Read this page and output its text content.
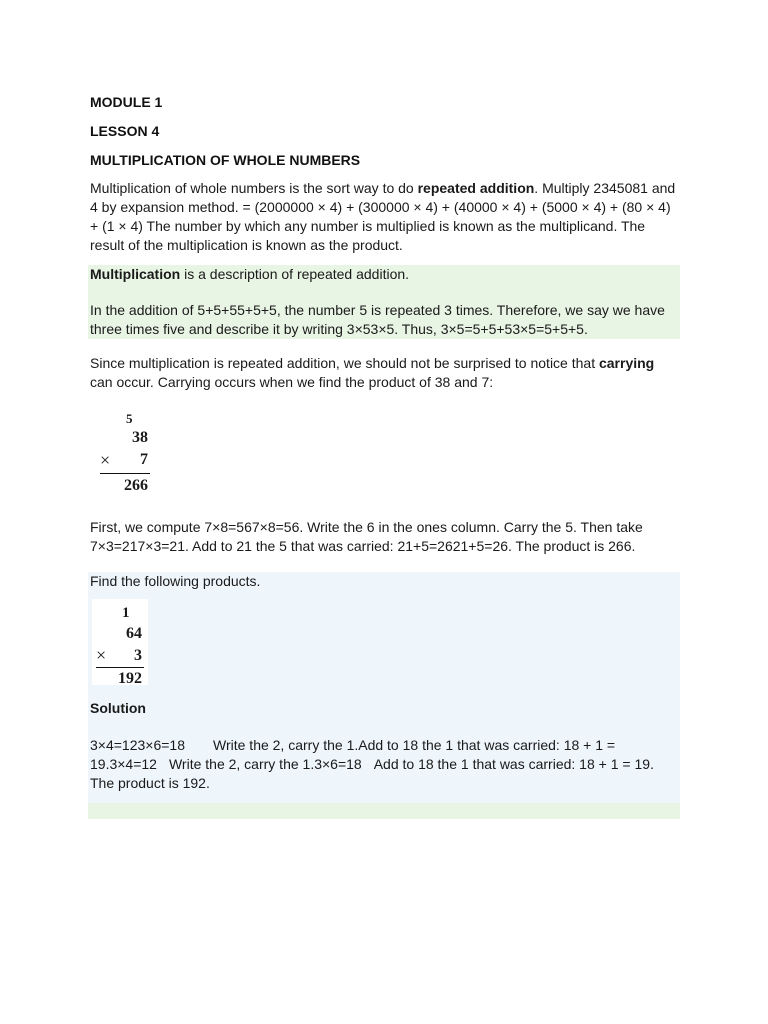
MODULE 1
LESSON 4
MULTIPLICATION OF WHOLE NUMBERS

Multiplication of whole numbers is the sort way to do repeated addition. Multiply 2345081 and 4 by expansion method. = (2000000 × 4) + (300000 × 4) + (40000 × 4) + (5000 × 4) + (80 × 4) + (1 × 4) The number by which any number is multiplied is known as the multiplicand. The result of the multiplication is known as the product.

Multiplication is a description of repeated addition.

In the addition of 5+5+55+5+5, the number 5 is repeated 3 times. Therefore, we say we have three times five and describe it by writing 3×53×5. Thus, 3×5=5+5+53×5=5+5+5.

Since multiplication is repeated addition, we should not be surprised to notice that carrying can occur. Carrying occurs when we find the product of 38 and 7:

5
38
× 7
266

First, we compute 7×8=567×8=56. Write the 6 in the ones column. Carry the 5. Then take 7×3=217×3=21. Add to 21 the 5 that was carried: 21+5=2621+5=26. The product is 266.

Find the following products.

1
64
× 3
192

Solution

3×4=123×6=18 Write the 2, carry the 1.Add to 18 the 1 that was carried: 18 + 1 = 19.3×4=12 Write the 2, carry the 1.3×6=18 Add to 18 the 1 that was carried: 18 + 1 = 19. The product is 192.
